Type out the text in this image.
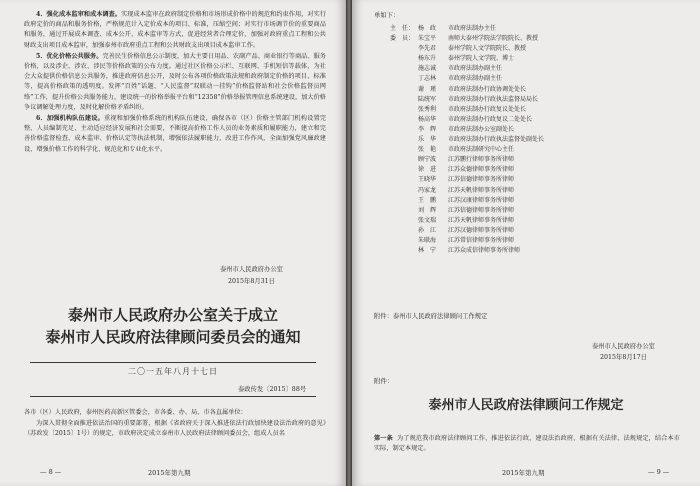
4．强化成本监审和成本调查。实现成本监审在政府制定价格和市场形成价格中的规范和约束作用，对实行政府定价的商品和服务价格，严格规范计入定价成本的项目、标准，压缩空间；对实行市场调节价的重要商品和服务，通过开展成本调查、成本公开、成本监审等方式，促进经营者合理定价，加强对政府重点工程和公共财政支出项目成本监审，加强泰州市政府重点工程和公共财政支出项目成本监审工作。

5．优化价格公共服务。完善民生价格信息公示制度，加大主要日用品、农副产品、商业银行等商品、服务价格，以及涉企、涉农、涉民等价格政策的公布力度。通过社区价格公示栏、互联网、手机短信等载体，为社会大众提供价格信息公共服务，推进政府信息公开，及时公布各项价格政策法规和政府制定价格的项目、标准等，提高价格政策的透明度。发挥“百姓”话题、“人民监督”双联动一挂钩“价格监督站和社会价格监督员网络”工作，提升价格公共服务能力，建设统一的价格举报平台和“12358”价格举报管理信息系统建设，加大价格争议调解处理力度，及时化解价格矛盾纠纷。

6．加强机构队伍建设。重视和加强价格系统的机构队伍建设，确保各市（区）价格主管部门机构设置完整、人员编制充足、主动适应经济发展和社会需要，不断提高价格工作人员的业务素质和履职能力，建立和完善价格监督检查、成本监审、价格认定等执法机制，增强依法履职能力，改进工作作风，全面加强党风廉政建设，增强价格工作的科学化、规范化和专业化水平。

泰州市人民政府办公室
2015年8月31日
泰州市人民政府办公室关于成立
泰州市人民政府法律顾问委员会的通知
二〇一五年八月十七日
泰政传发〔2015〕88号

各市（区）人民政府，泰州医药高新区管委会，市各委、办、局，市各直属单位：

为深入贯彻全面推进依法治国的重要部署，根据《省政府关于深入推进依法行政加快建设法治政府的意见》（苏政发〔2015〕1号）的规定，市政府决定成立泰州市人民政府法律顾问委员会，组成人员名

— 8 —	2015年第九期
单如下：
主　任： 杨　政	市政府法制办主任
委　员： 朱宝平	南师大泰州学院法学院院长、教授
李先君	泰州学院人文学院院长、教授
杨东升	泰州学院人文学院、博士
施志诚	市政府法制办副主任
丁志林	市政府法制办副主任
谢　瑾	市政府法制办行政协调处处长
陆统军	市政府法制办行政执法监督局局长
张秀利	市政府法制办行政复议处处长
杨高华	市政府法制办行政复议二处处长
李　辉	市政府法制办公室副处长
乐　华	市政府法制办行政执法监督处副处长
张　艳	市政府法制研究中心主任
顾宁波	江苏鹏行律师事务所律师
徐　进	江苏众德律师事务所律师
王晓华	江苏信德律师事务所律师
冯家龙	江苏天帆律师事务所律师
王　鹏	江苏汉康律师事务所律师
刘　辉	江苏信德律师事务所律师
张文瑞	江苏天帆律师事务所律师
孙　江	江苏汉德律师事务所律师
朱联海	江苏常信律师事务所律师
林　宁	江苏众成信律师事务所律师
附件：泰州市人民政府法律顾问工作规定
泰州市人民政府办公室
2015年8月17日
附件：
第一条 为了规范我市政府法律顾问工作，推进依法行政，建设法治政府，根据有关法律、法规规定，结合本市实际，制定本规定。
2015年第九期	— 9 —
泰州市人民政府法律顾问工作规定
